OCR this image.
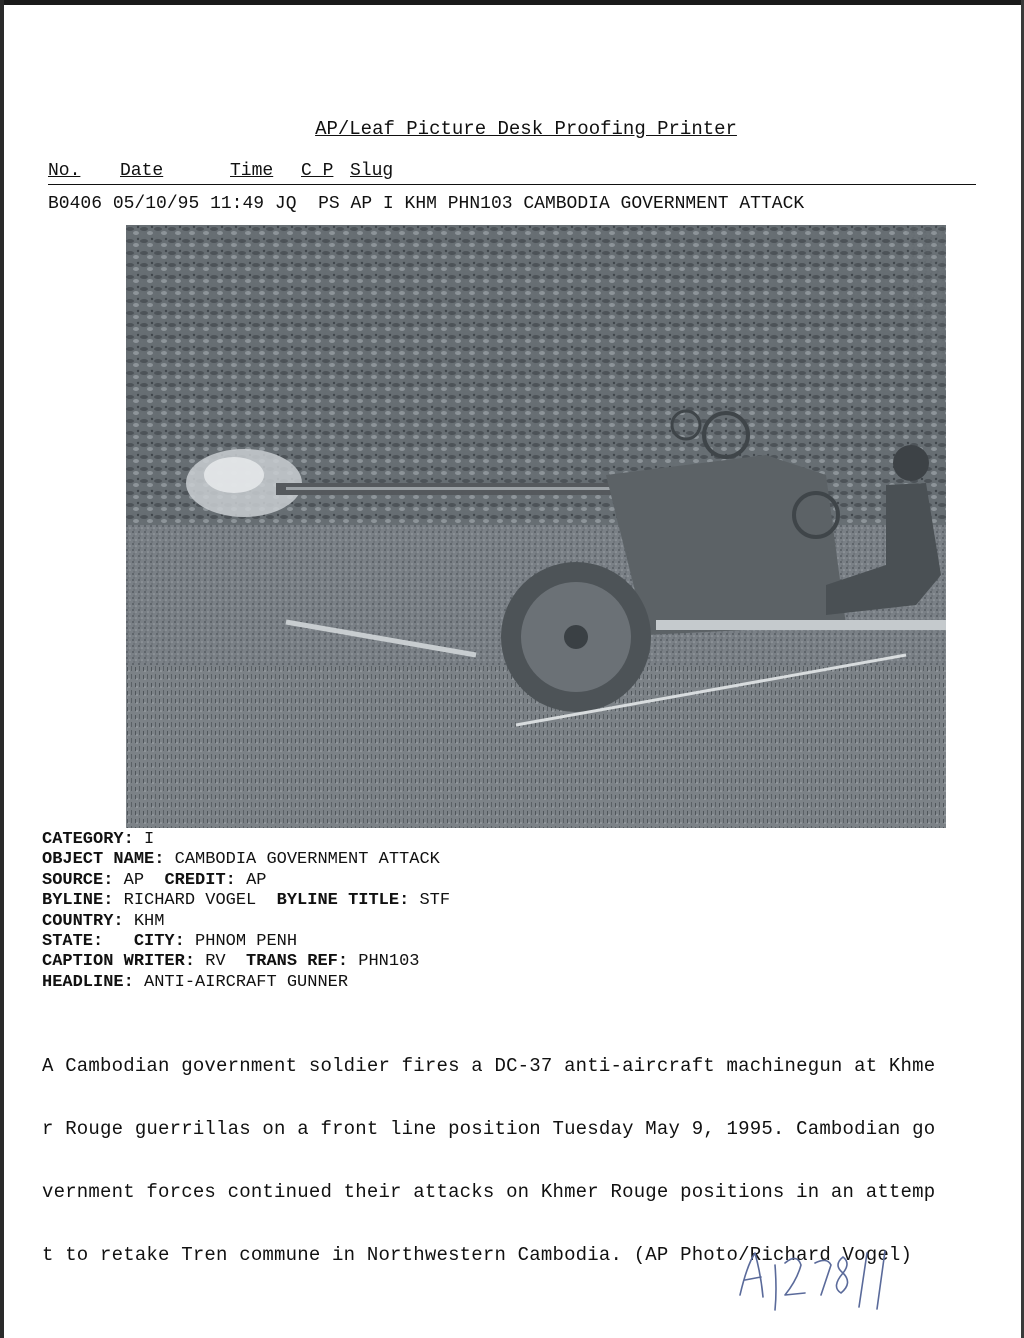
AP/Leaf Picture Desk Proofing Printer
No. Date	Time C P Slug
B0406 05/10/95 11:49 JQ PS AP I KHM PHN103 CAMBODIA GOVERNMENT ATTACK
CATEGORY: I
OBJECT NAME: CAMBODIA GOVERNMENT ATTACK
SOURCE: AP CREDIT: AP
BYLINE: RICHARD VOGEL BYLINE TITLE: STF
COUNTRY: KHM
STATE: CITY: PHNOM PENH
CAPTION WRITER: RV TRANS REF: PHN103
HEADLINE: ANTI-AIRCRAFT GUNNER

A Cambodian government soldier fires a DC-37 anti-aircraft machinegun at Khme

r Rouge guerrillas on a front line position Tuesday May 9, 1995. Cambodian go

vernment forces continued their attacks on Khmer Rouge positions in an attemp

t to retake Tren commune in Northwestern Cambodia. (AP Photo/Richard Vogel)
